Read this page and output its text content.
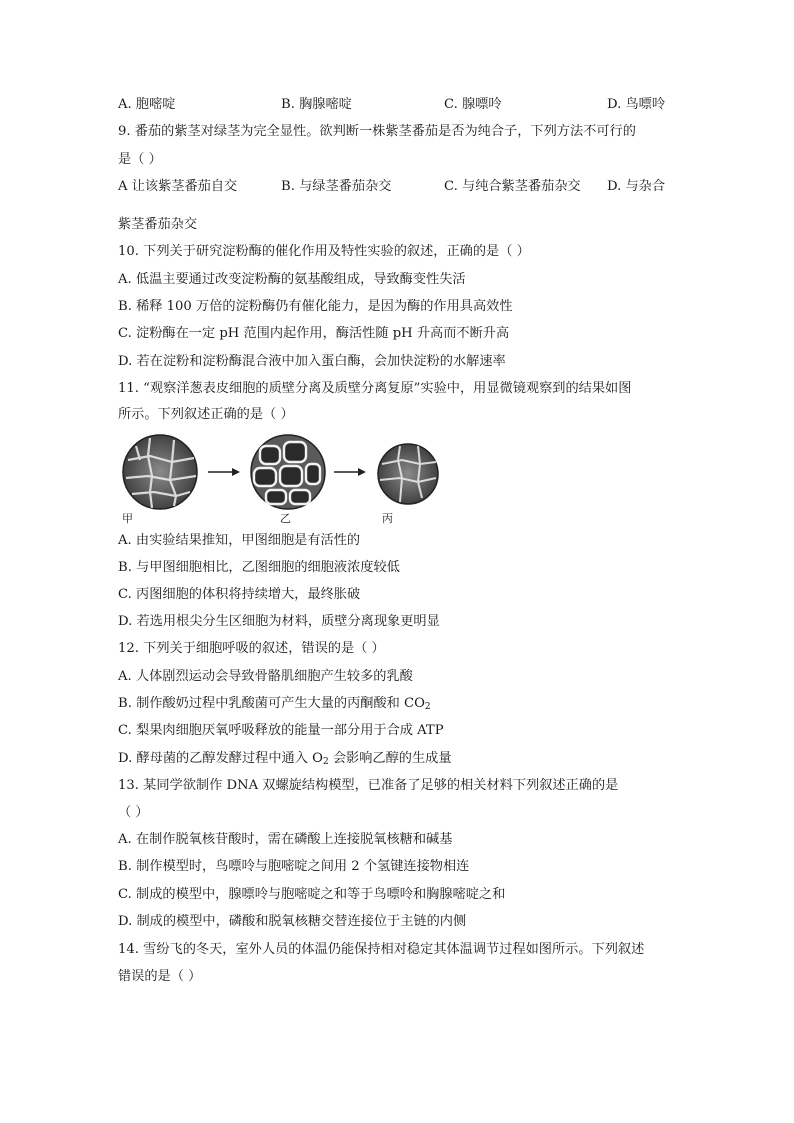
A. 胞嘧啶	B. 胸腺嘧啶	C. 腺嘌呤	D. 鸟嘌呤
9. 番茄的紫茎对绿茎为完全显性。欲判断一株紫茎番茄是否为纯合子，下列方法不可行的
是（ ）
A 让该紫茎番茄自交	B. 与绿茎番茄杂交	C. 与纯合紫茎番茄杂交 D. 与杂合
紫茎番茄杂交
10. 下列关于研究淀粉酶的催化作用及特性实验的叙述，正确的是（ ）
A. 低温主要通过改变淀粉酶的氨基酸组成，导致酶变性失活
B. 稀释 100 万倍的淀粉酶仍有催化能力，是因为酶的作用具高效性
C. 淀粉酶在一定 pH 范围内起作用，酶活性随 pH 升高而不断升高
D. 若在淀粉和淀粉酶混合液中加入蛋白酶，会加快淀粉的水解速率
11. “观察洋葱表皮细胞的质壁分离及质壁分离复原”实验中，用显微镜观察到的结果如图
所示。下列叙述正确的是（ ）
甲	乙	丙
A. 由实验结果推知，甲图细胞是有活性的
B. 与甲图细胞相比，乙图细胞的细胞液浓度较低
C. 丙图细胞的体积将持续增大，最终胀破
D. 若选用根尖分生区细胞为材料，质壁分离现象更明显
12. 下列关于细胞呼吸的叙述，错误的是（ ）
A. 人体剧烈运动会导致骨骼肌细胞产生较多的乳酸
B. 制作酸奶过程中乳酸菌可产生大量的丙酮酸和 $CO_2$
C. 梨果肉细胞厌氧呼吸释放的能量一部分用于合成 ATP
D. 酵母菌的乙醇发酵过程中通入 $O_2$ 会影响乙醇的生成量
13. 某同学欲制作 DNA 双螺旋结构模型，已准备了足够的相关材料下列叙述正确的是
（ ）
A. 在制作脱氧核苷酸时，需在磷酸上连接脱氧核糖和碱基
B. 制作模型时，鸟嘌呤与胞嘧啶之间用 2 个氢键连接物相连
C. 制成的模型中，腺嘌呤与胞嘧啶之和等于鸟嘌呤和胸腺嘧啶之和
D. 制成的模型中，磷酸和脱氧核糖交替连接位于主链的内侧
14. 雪纷飞的冬天，室外人员的体温仍能保持相对稳定其体温调节过程如图所示。下列叙述
错误的是（ ）
